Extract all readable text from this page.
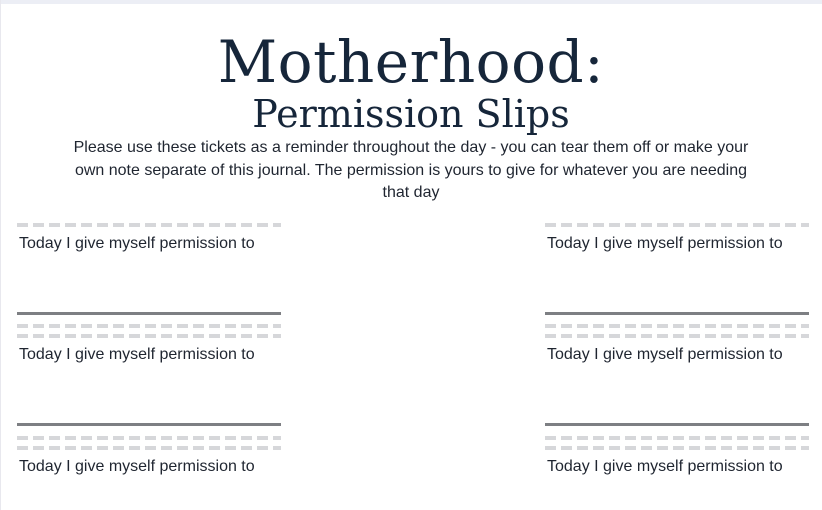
Motherhood:
Permission Slips

Please use these tickets as a reminder throughout the day - you can tear them off or make your own note separate of this journal. The permission is yours to give for whatever you are needing that day

Today I give myself permission to
Today I give myself permission to
Today I give myself permission to
Today I give myself permission to
Today I give myself permission to
Today I give myself permission to
